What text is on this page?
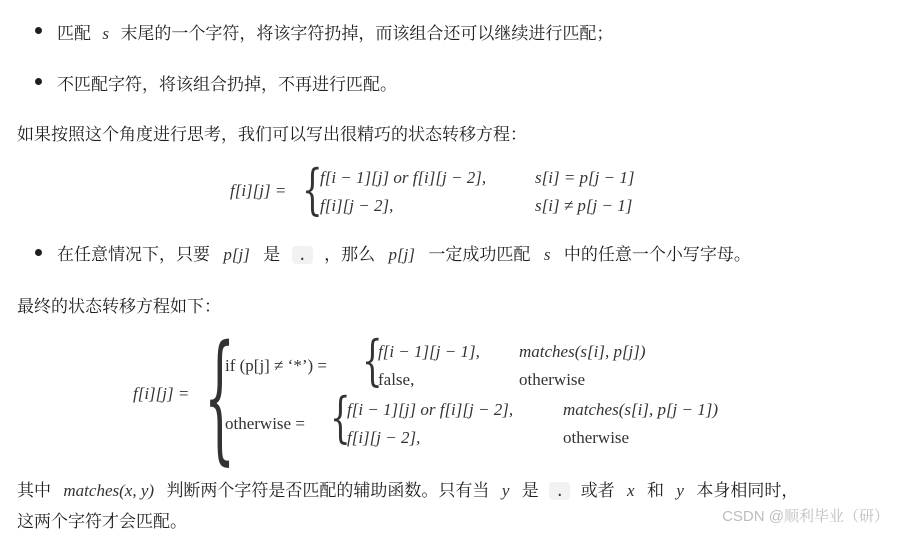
匹配 s 末尾的一个字符，将该字符扔掉，而该组合还可以继续进行匹配；
不匹配字符，将该组合扔掉，不再进行匹配。
如果按照这个角度进行思考，我们可以写出很精巧的状态转移方程：
f[i][j] = {
f[i − 1][j] or f[i][j − 2],	s[i] = p[j − 1]
f[i][j − 2],	s[i] ≠ p[j − 1]
在任意情况下，只要 p[j] 是 . ，那么 p[j] 一定成功匹配 s 中的任意一个小写字母。
最终的状态转移方程如下：
f[i][j] = {
if (p[j] ≠ ‘*’) = {
f[i − 1][j − 1], matches(s[i], p[j])
false,	otherwise
otherwise = {
f[i − 1][j] or f[i][j − 2],	matches(s[i], p[j − 1])
f[i][j − 2],	otherwise
其中 matches(x, y) 判断两个字符是否匹配的辅助函数。只有当 y 是 . 或者 x 和 y 本身相同时，
这两个字符才会匹配。	CSDN @顺利毕业（研）
